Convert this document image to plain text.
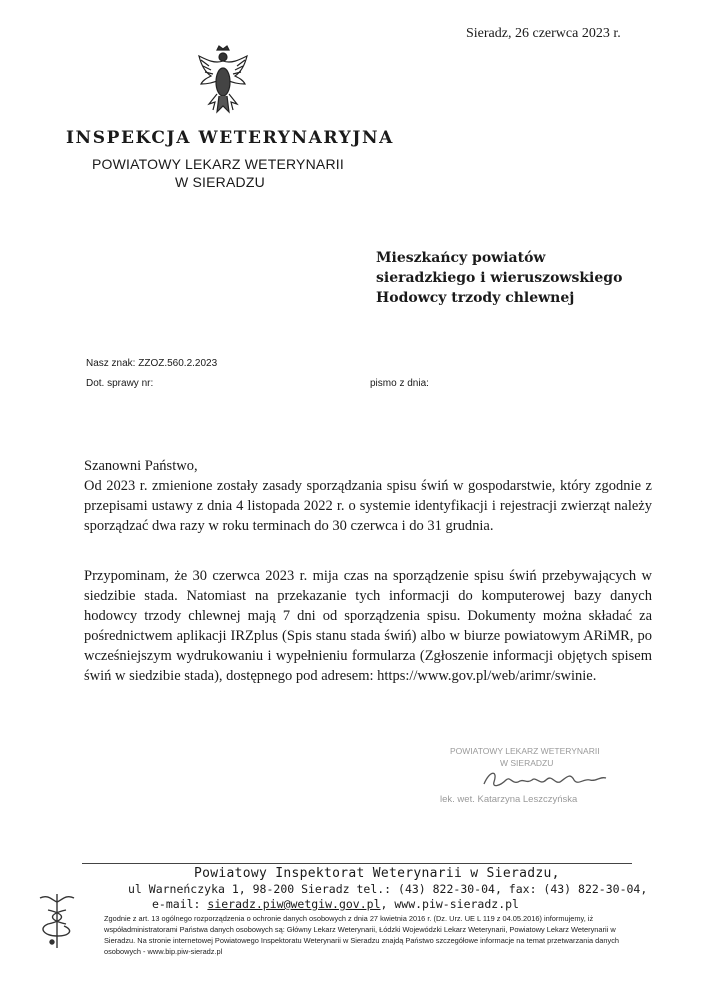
Sieradz, 26 czerwca 2023 r.
INSPEKCJA WETERYNARYJNA
POWIATOWY LEKARZ WETERYNARII
W SIERADZU
Mieszkańcy powiatów
sieradzkiego i wieruszowskiego
Hodowcy trzody chlewnej
Nasz znak: ZZOZ.560.2.2023
Dot. sprawy nr:	pismo z dnia:
Szanowni Państwo,
Od 2023 r. zmienione zostały zasady sporządzania spisu świń w gospodarstwie, który zgodnie z przepisami ustawy z dnia 4 listopada 2022 r. o systemie identyfikacji i rejestracji zwierząt należy sporządzać dwa razy w roku terminach do 30 czerwca i do 31 grudnia.
Przypominam, że 30 czerwca 2023 r. mija czas na sporządzenie spisu świń przebywających w siedzibie stada. Natomiast na przekazanie tych informacji do komputerowej bazy danych hodowcy trzody chlewnej mają 7 dni od sporządzenia spisu. Dokumenty można składać za pośrednictwem aplikacji IRZplus (Spis stanu stada świń) albo w biurze powiatowym ARiMR, po wcześniejszym wydrukowaniu i wypełnieniu formularza (Zgłoszenie informacji objętych spisem świń w siedzibie stada), dostępnego pod adresem: https://www.gov.pl/web/arimr/swinie.
POWIATOWY LEKARZ WETERYNARII
W SIERADZU
lek. wet. Katarzyna Leszczyńska
Powiatowy Inspektorat Weterynarii w Sieradzu,
ul Warneńczyka 1, 98-200 Sieradz tel.: (43) 822-30-04, fax: (43) 822-30-04,
e-mail: sieradz.piw@wetgiw.gov.pl, www.piw-sieradz.pl
Zgodnie z art. 13 ogólnego rozporządzenia o ochronie danych osobowych z dnia 27 kwietnia 2016 r. (Dz. Urz. UE L 119 z 04.05.2016) informujemy, iż współadministratorami Państwa danych osobowych są: Główny Lekarz Weterynarii, Łódzki Wojewódzki Lekarz Weterynarii, Powiatowy Lekarz Weterynarii w Sieradzu. Na stronie internetowej Powiatowego Inspektoratu Weterynarii w Sieradzu znajdą Państwo szczegółowe informacje na temat przetwarzania danych osobowych - www.bip.piw-sieradz.pl
